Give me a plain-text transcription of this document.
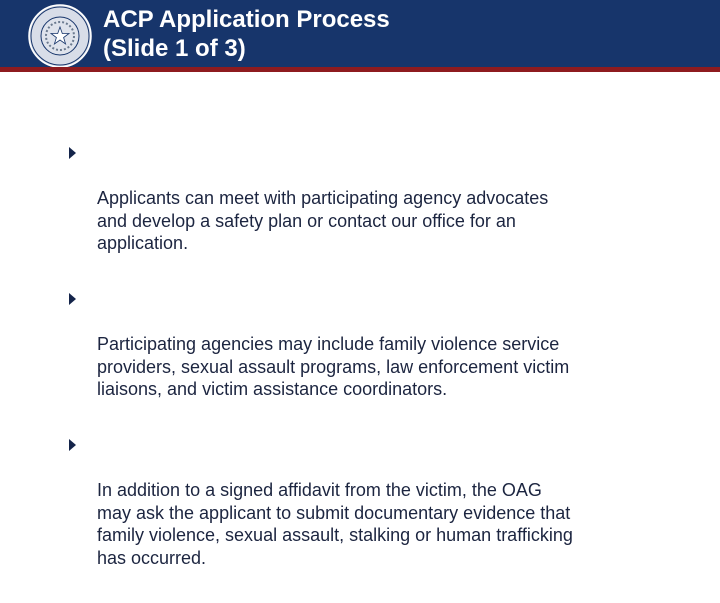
ACP Application Process
(Slide 1 of 3)

Applicants can meet with participating agency advocates
and develop a safety plan or contact our office for an
application.

Participating agencies may include family violence service
providers, sexual assault programs, law enforcement victim
liaisons, and victim assistance coordinators.

In addition to a signed affidavit from the victim, the OAG
may ask the applicant to submit documentary evidence that
family violence, sexual assault, stalking or human trafficking
has occurred.
